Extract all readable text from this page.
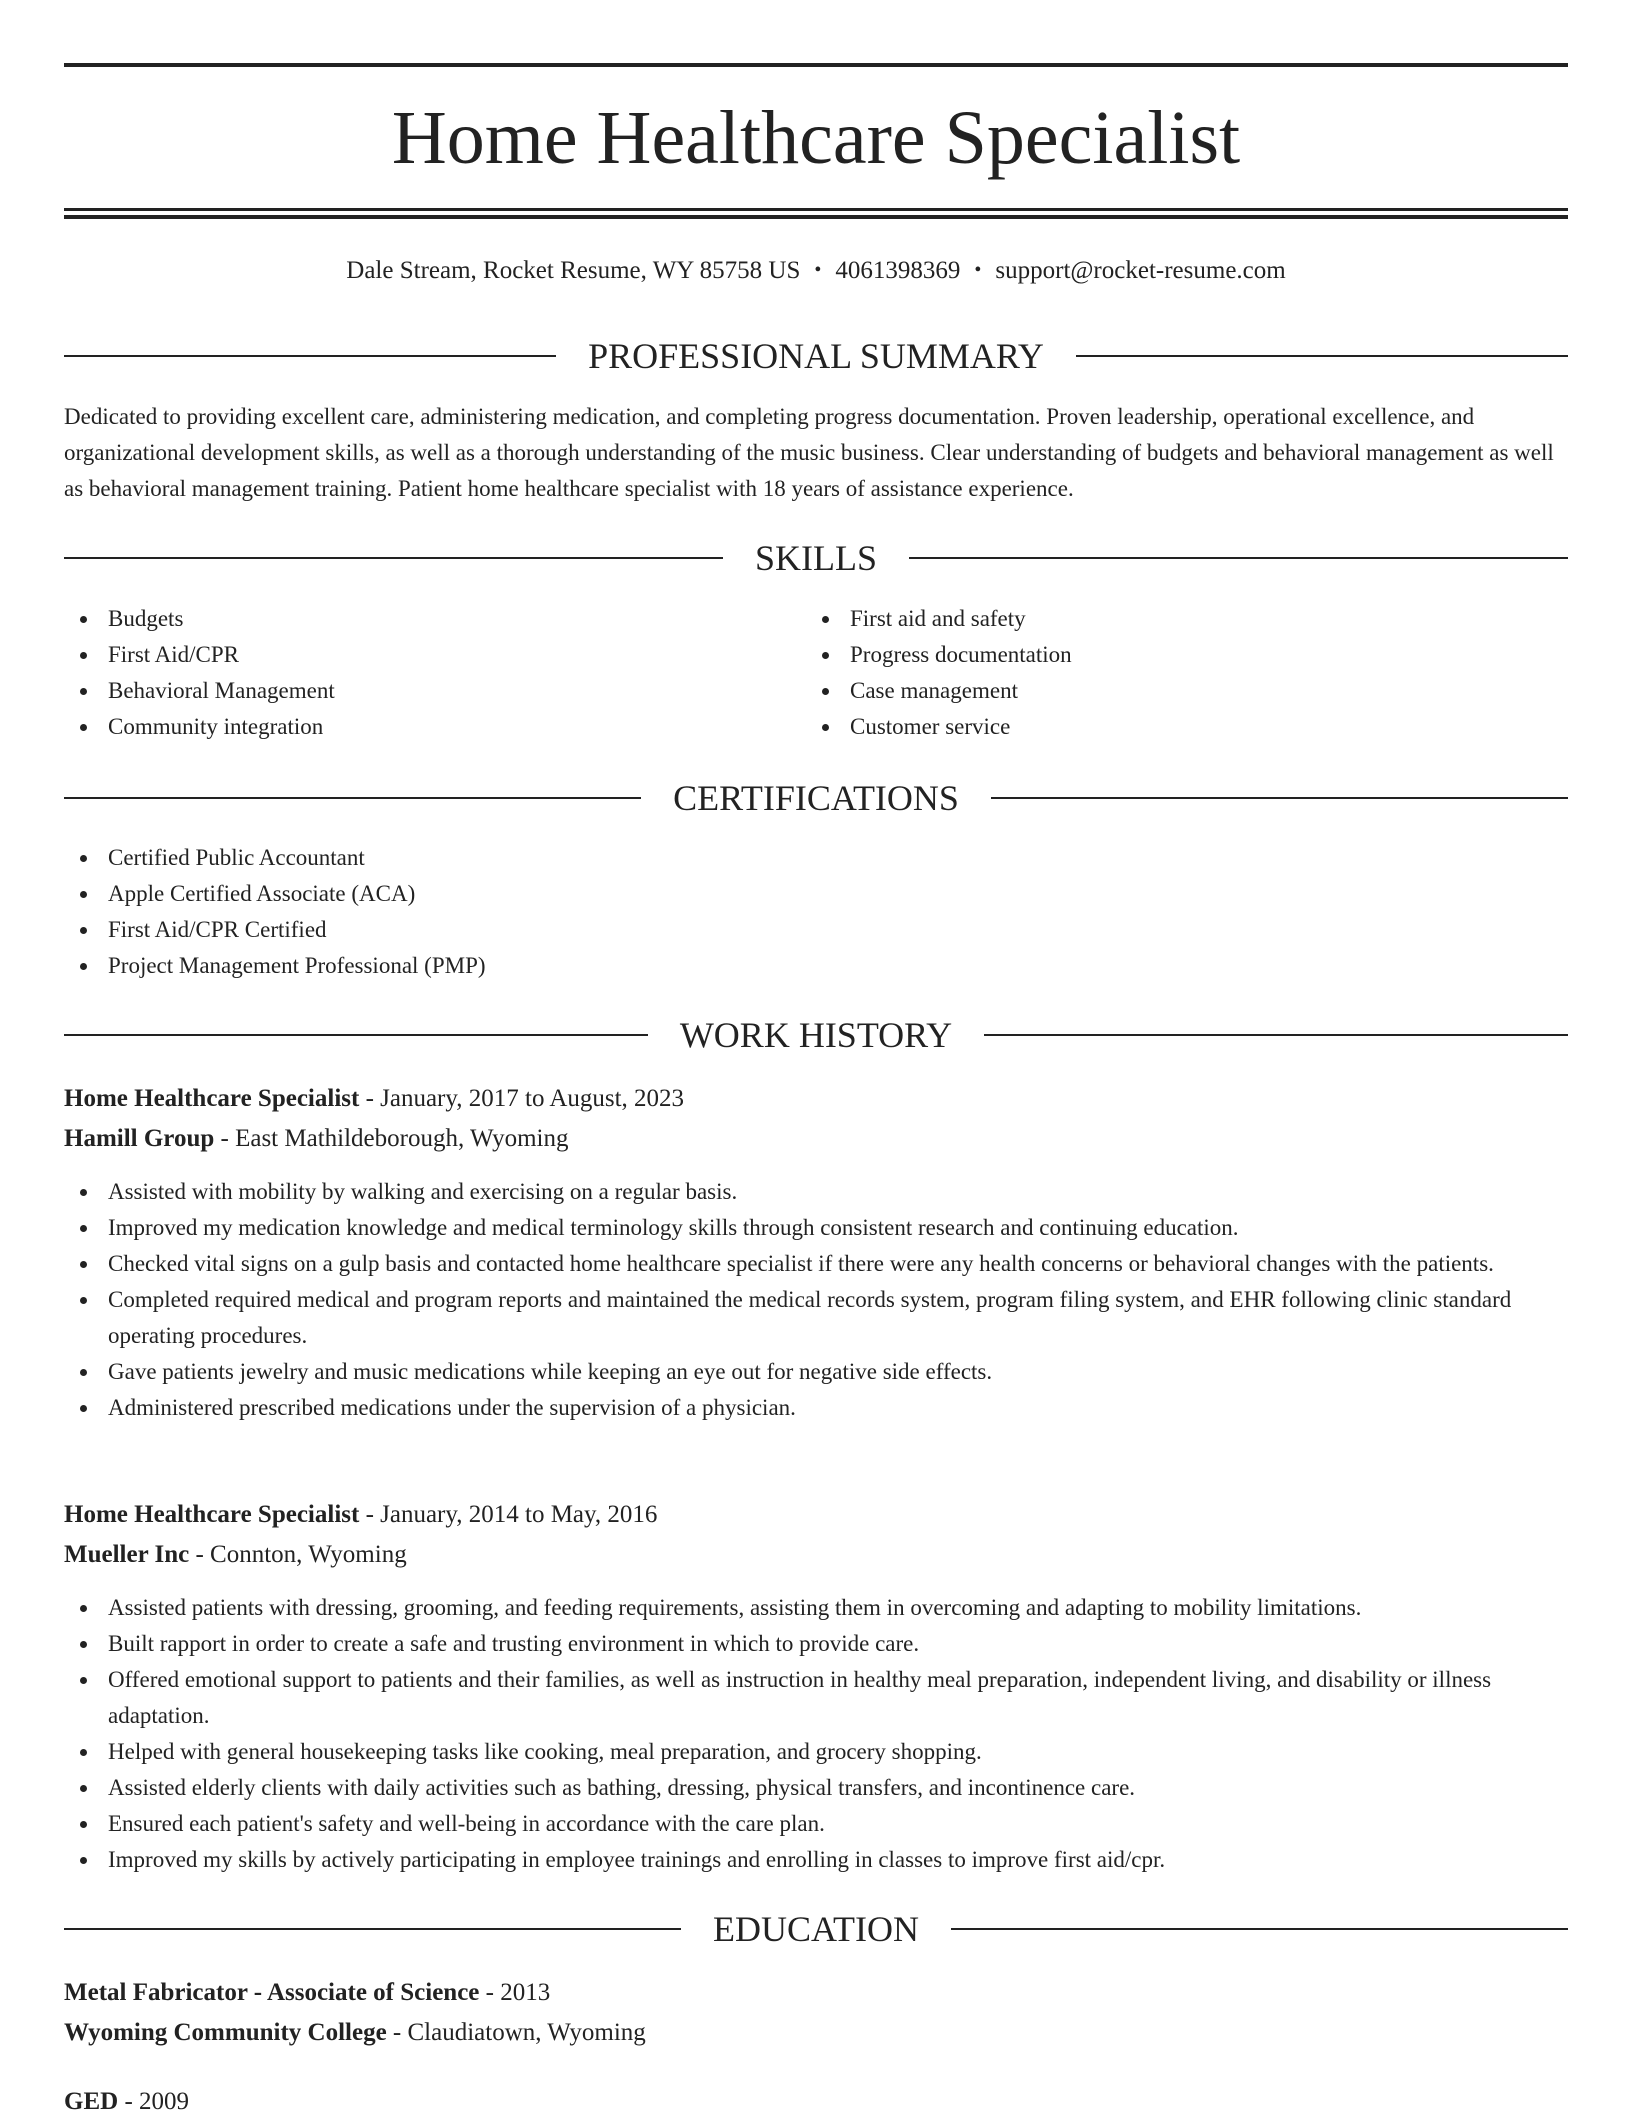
Home Healthcare Specialist
Dale Stream, Rocket Resume, WY 85758 US • 4061398369 • support@rocket-resume.com
PROFESSIONAL SUMMARY
Dedicated to providing excellent care, administering medication, and completing progress documentation. Proven leadership, operational excellence, and organizational development skills, as well as a thorough understanding of the music business. Clear understanding of budgets and behavioral management as well as behavioral management training. Patient home healthcare specialist with 18 years of assistance experience.
SKILLS
Budgets
First Aid/CPR
Behavioral Management
Community integration
First aid and safety
Progress documentation
Case management
Customer service
CERTIFICATIONS
Certified Public Accountant
Apple Certified Associate (ACA)
First Aid/CPR Certified
Project Management Professional (PMP)
WORK HISTORY
Home Healthcare Specialist - January, 2017 to August, 2023
Hamill Group - East Mathildeborough, Wyoming
Assisted with mobility by walking and exercising on a regular basis.
Improved my medication knowledge and medical terminology skills through consistent research and continuing education.
Checked vital signs on a gulp basis and contacted home healthcare specialist if there were any health concerns or behavioral changes with the patients.
Completed required medical and program reports and maintained the medical records system, program filing system, and EHR following clinic standard operating procedures.
Gave patients jewelry and music medications while keeping an eye out for negative side effects.
Administered prescribed medications under the supervision of a physician.
Home Healthcare Specialist - January, 2014 to May, 2016
Mueller Inc - Connton, Wyoming
Assisted patients with dressing, grooming, and feeding requirements, assisting them in overcoming and adapting to mobility limitations.
Built rapport in order to create a safe and trusting environment in which to provide care.
Offered emotional support to patients and their families, as well as instruction in healthy meal preparation, independent living, and disability or illness adaptation.
Helped with general housekeeping tasks like cooking, meal preparation, and grocery shopping.
Assisted elderly clients with daily activities such as bathing, dressing, physical transfers, and incontinence care.
Ensured each patient's safety and well-being in accordance with the care plan.
Improved my skills by actively participating in employee trainings and enrolling in classes to improve first aid/cpr.
EDUCATION
Metal Fabricator - Associate of Science - 2013
Wyoming Community College - Claudiatown, Wyoming
GED - 2009
